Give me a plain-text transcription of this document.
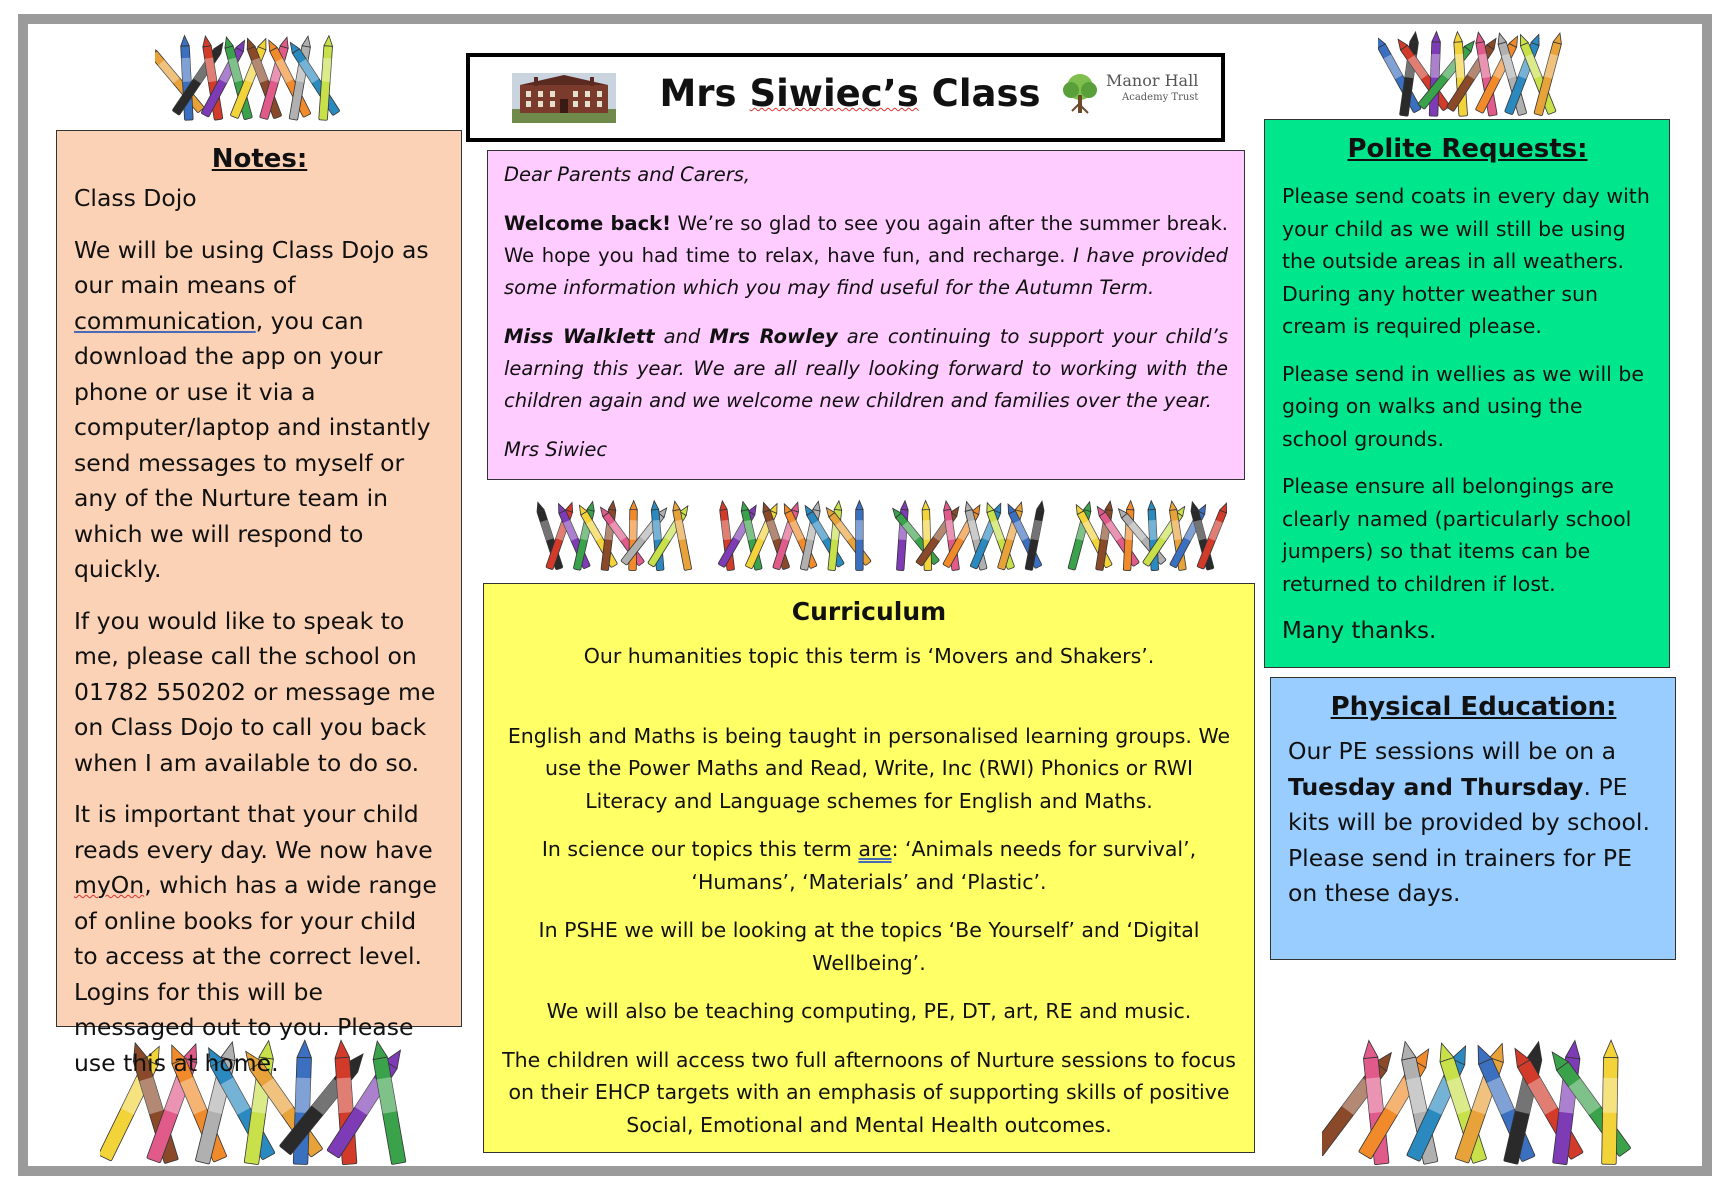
Mrs Siwiec’s Class	Manor Hall
Academy Trust
Notes:

Class Dojo

We will be using Class Dojo as our main means of communication, you can download the app on your phone or use it via a computer/laptop and instantly send messages to myself or any of the Nurture team in which we will respond to quickly.

If you would like to speak to me, please call the school on 01782 550202 or message me on Class Dojo to call you back when I am available to do so.

It is important that your child reads every day. We now have myOn, which has a wide range of online books for your child to access at the correct level. Logins for this will be messaged out to you. Please use this at home.

Dear Parents and Carers,

Welcome back! We’re so glad to see you again after the summer break. We hope you had time to relax, have fun, and recharge. I have provided some information which you may find useful for the Autumn Term.

Miss Walklett and Mrs Rowley are continuing to support your child’s learning this year. We are all really looking forward to working with the children again and we welcome new children and families over the year.

Mrs Siwiec

Polite Requests:

Please send coats in every day with your child as we will still be using the outside areas in all weathers. During any hotter weather sun cream is required please.

Please send in wellies as we will be going on walks and using the school grounds.

Please ensure all belongings are clearly named (particularly school jumpers) so that items can be returned to children if lost.

Many thanks.

Physical Education:

Our PE sessions will be on a Tuesday and Thursday. PE kits will be provided by school. Please send in trainers for PE on these days.

Curriculum

Our humanities topic this term is ‘Movers and Shakers’.

English and Maths is being taught in personalised learning groups. We use the Power Maths and Read, Write, Inc (RWI) Phonics or RWI Literacy and Language schemes for English and Maths.

In science our topics this term are: ‘Animals needs for survival’, ‘Humans’, ‘Materials’ and ‘Plastic’.

In PSHE we will be looking at the topics ‘Be Yourself’ and ‘Digital Wellbeing’.

We will also be teaching computing, PE, DT, art, RE and music.

The children will access two full afternoons of Nurture sessions to focus on their EHCP targets with an emphasis of supporting skills of positive Social, Emotional and Mental Health outcomes.
